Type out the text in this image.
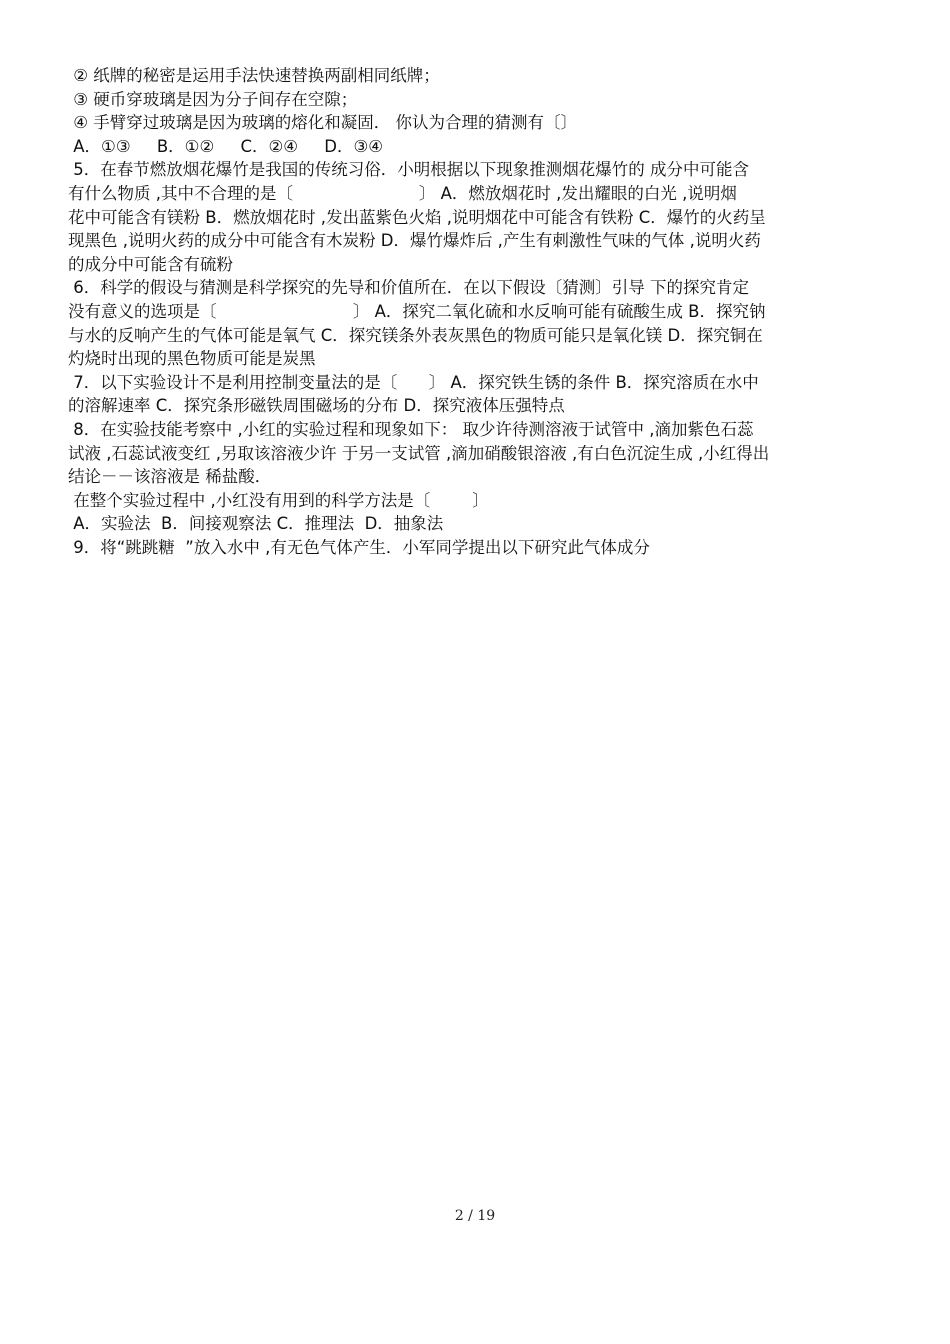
② 纸牌的秘密是运用手法快速替换两副相同纸牌；

③ 硬币穿玻璃是因为分子间存在空隙；

④ 手臂穿过玻璃是因为玻璃的熔化和凝固． 你认为合理的猜测有〔〕

A．①③     B．①②     C．②④     D．③④

5．在春节燃放烟花爆竹是我国的传统习俗．小明根据以下现象推测烟花爆竹的 成分中可能含

有什么物质 ,其中不合理的是〔                        〕 A．燃放烟花时 ,发出耀眼的白光 ,说明烟

花中可能含有镁粉 B．燃放烟花时 ,发出蓝紫色火焰 ,说明烟花中可能含有铁粉 C．爆竹的火药呈

现黑色 ,说明火药的成分中可能含有木炭粉 D．爆竹爆炸后 ,产生有刺激性气味的气体 ,说明火药

的成分中可能含有硫粉

6．科学的假设与猜测是科学探究的先导和价值所在．在以下假设〔猜测〕引导 下的探究肯定

没有意义的选项是〔                          〕 A．探究二氧化硫和水反响可能有硫酸生成 B．探究钠

与水的反响产生的气体可能是氧气 C．探究镁条外表灰黑色的物质可能只是氧化镁 D．探究铜在

灼烧时出现的黑色物质可能是炭黑

7．以下实验设计不是利用控制变量法的是〔      〕 A．探究铁生锈的条件 B．探究溶质在水中

的溶解速率 C．探究条形磁铁周围磁场的分布 D．探究液体压强特点

8．在实验技能考察中 ,小红的实验过程和现象如下： 取少许待测溶液于试管中 ,滴加紫色石蕊

试液 ,石蕊试液变红 ,另取该溶液少许 于另一支试管 ,滴加硝酸银溶液 ,有白色沉淀生成 ,小红得出

结论－－该溶液是 稀盐酸．

在整个实验过程中 ,小红没有用到的科学方法是〔        〕

A．实验法  B．间接观察法 C．推理法  D．抽象法

9．将“跳跳糖  ”放入水中 ,有无色气体产生．小军同学提出以下研究此气体成分

2 / 19
